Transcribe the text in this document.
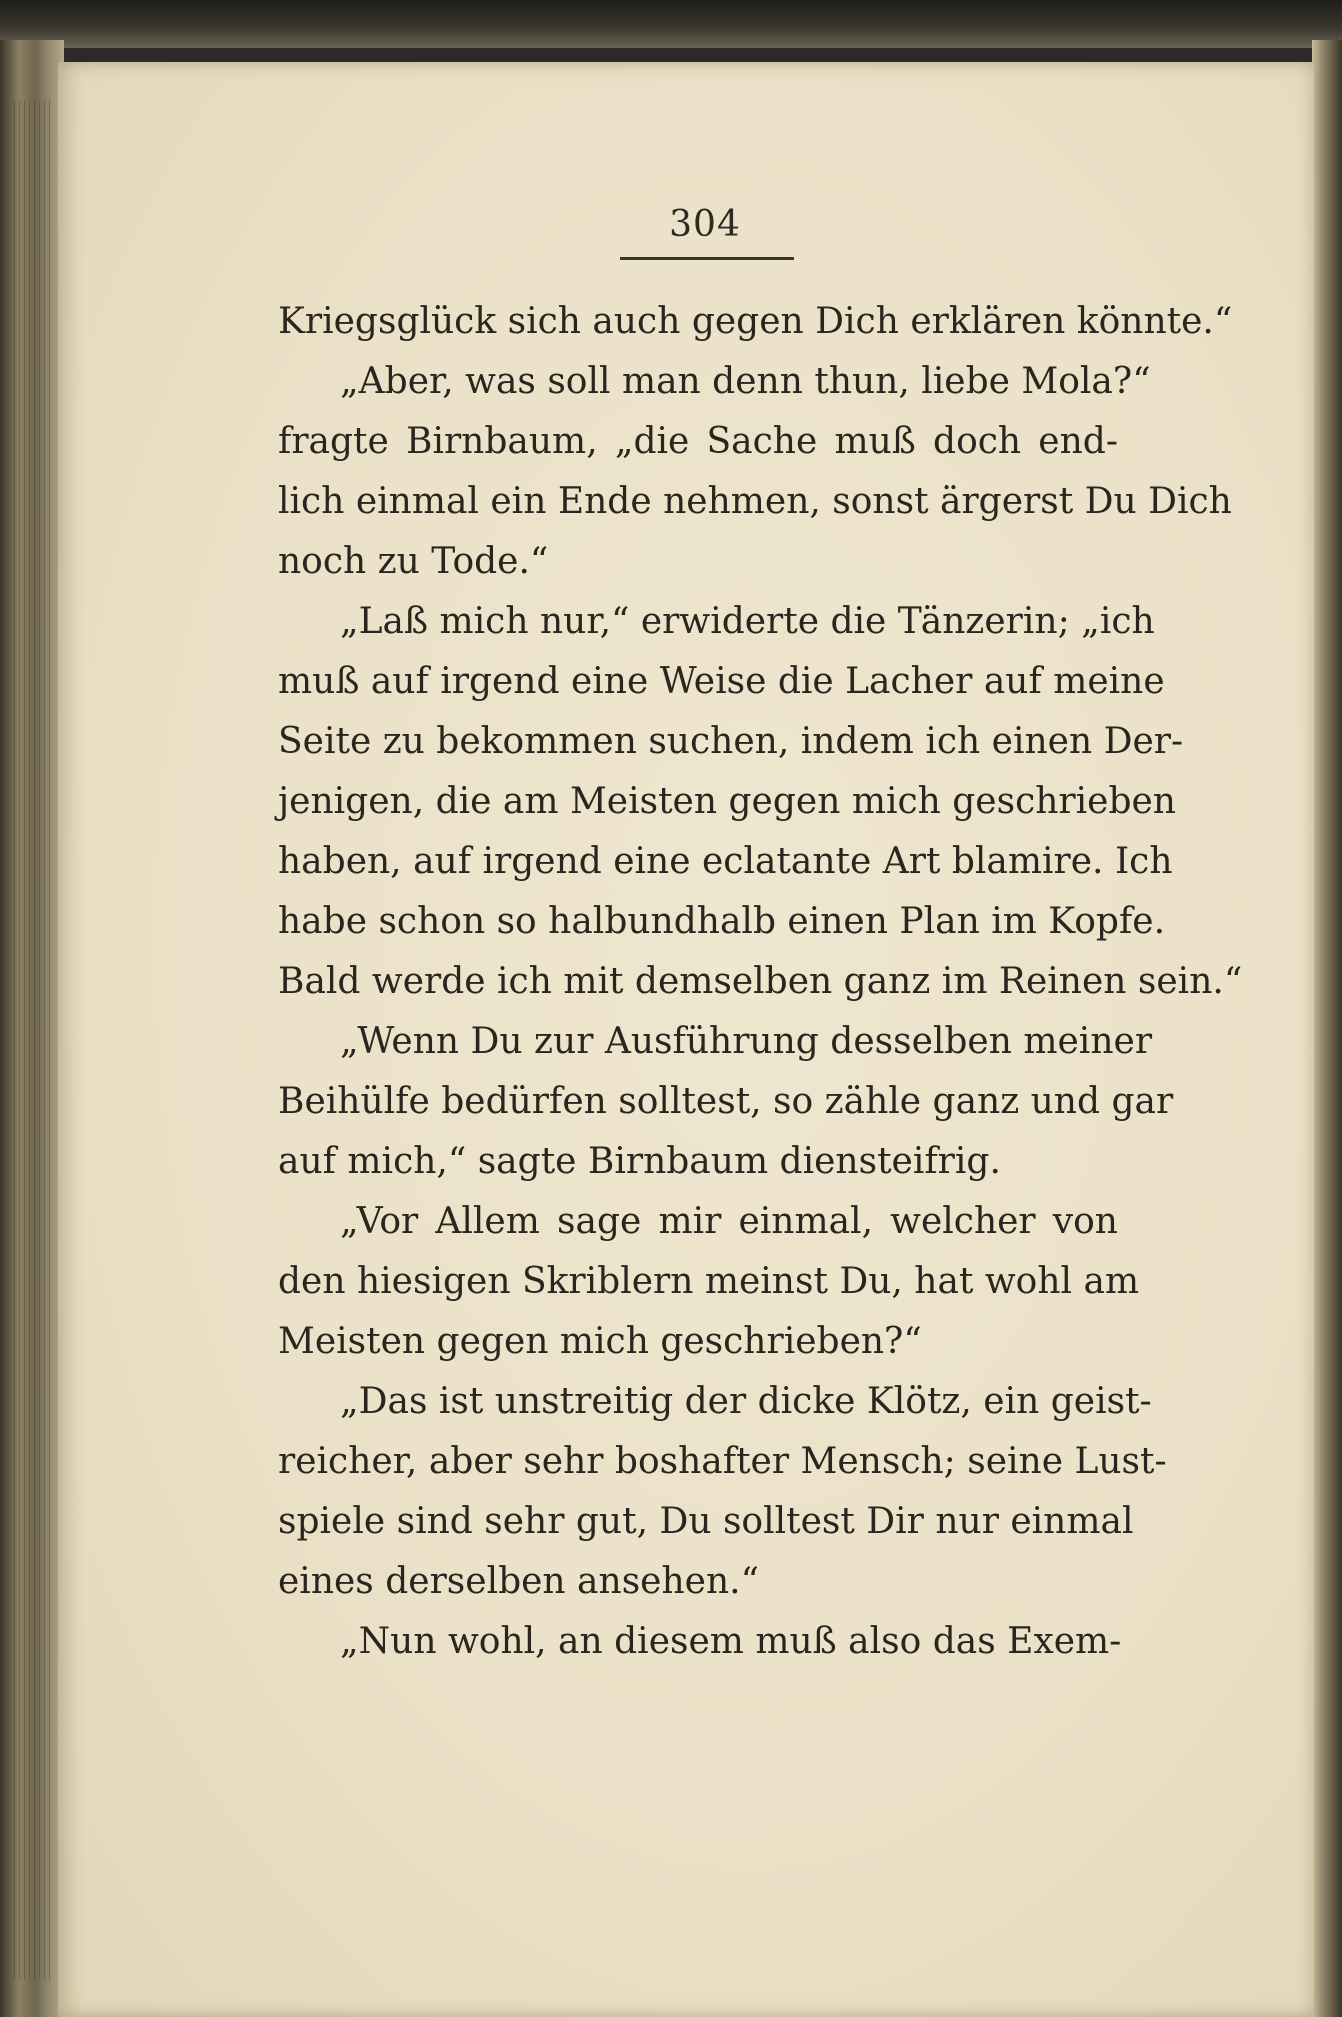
304
Kriegsglück sich auch gegen Dich erklären könnte.“
„Aber, was soll man denn thun, liebe Mola?“
fragte Birnbaum, „die Sache muß doch end-
lich einmal ein Ende nehmen, sonst ärgerst Du Dich
noch zu Tode.“
„Laß mich nur,“ erwiderte die Tänzerin; „ich
muß auf irgend eine Weise die Lacher auf meine
Seite zu bekommen suchen, indem ich einen Der-
jenigen, die am Meisten gegen mich geschrieben
haben, auf irgend eine eclatante Art blamire. Ich
habe schon so halbundhalb einen Plan im Kopfe.
Bald werde ich mit demselben ganz im Reinen sein.“
„Wenn Du zur Ausführung desselben meiner
Beihülfe bedürfen solltest, so zähle ganz und gar
auf mich,“ sagte Birnbaum diensteifrig.
„Vor Allem sage mir einmal, welcher von
den hiesigen Skriblern meinst Du, hat wohl am
Meisten gegen mich geschrieben?“
„Das ist unstreitig der dicke Klötz, ein geist-
reicher, aber sehr boshafter Mensch; seine Lust-
spiele sind sehr gut, Du solltest Dir nur einmal
eines derselben ansehen.“
„Nun wohl, an diesem muß also das Exem-
